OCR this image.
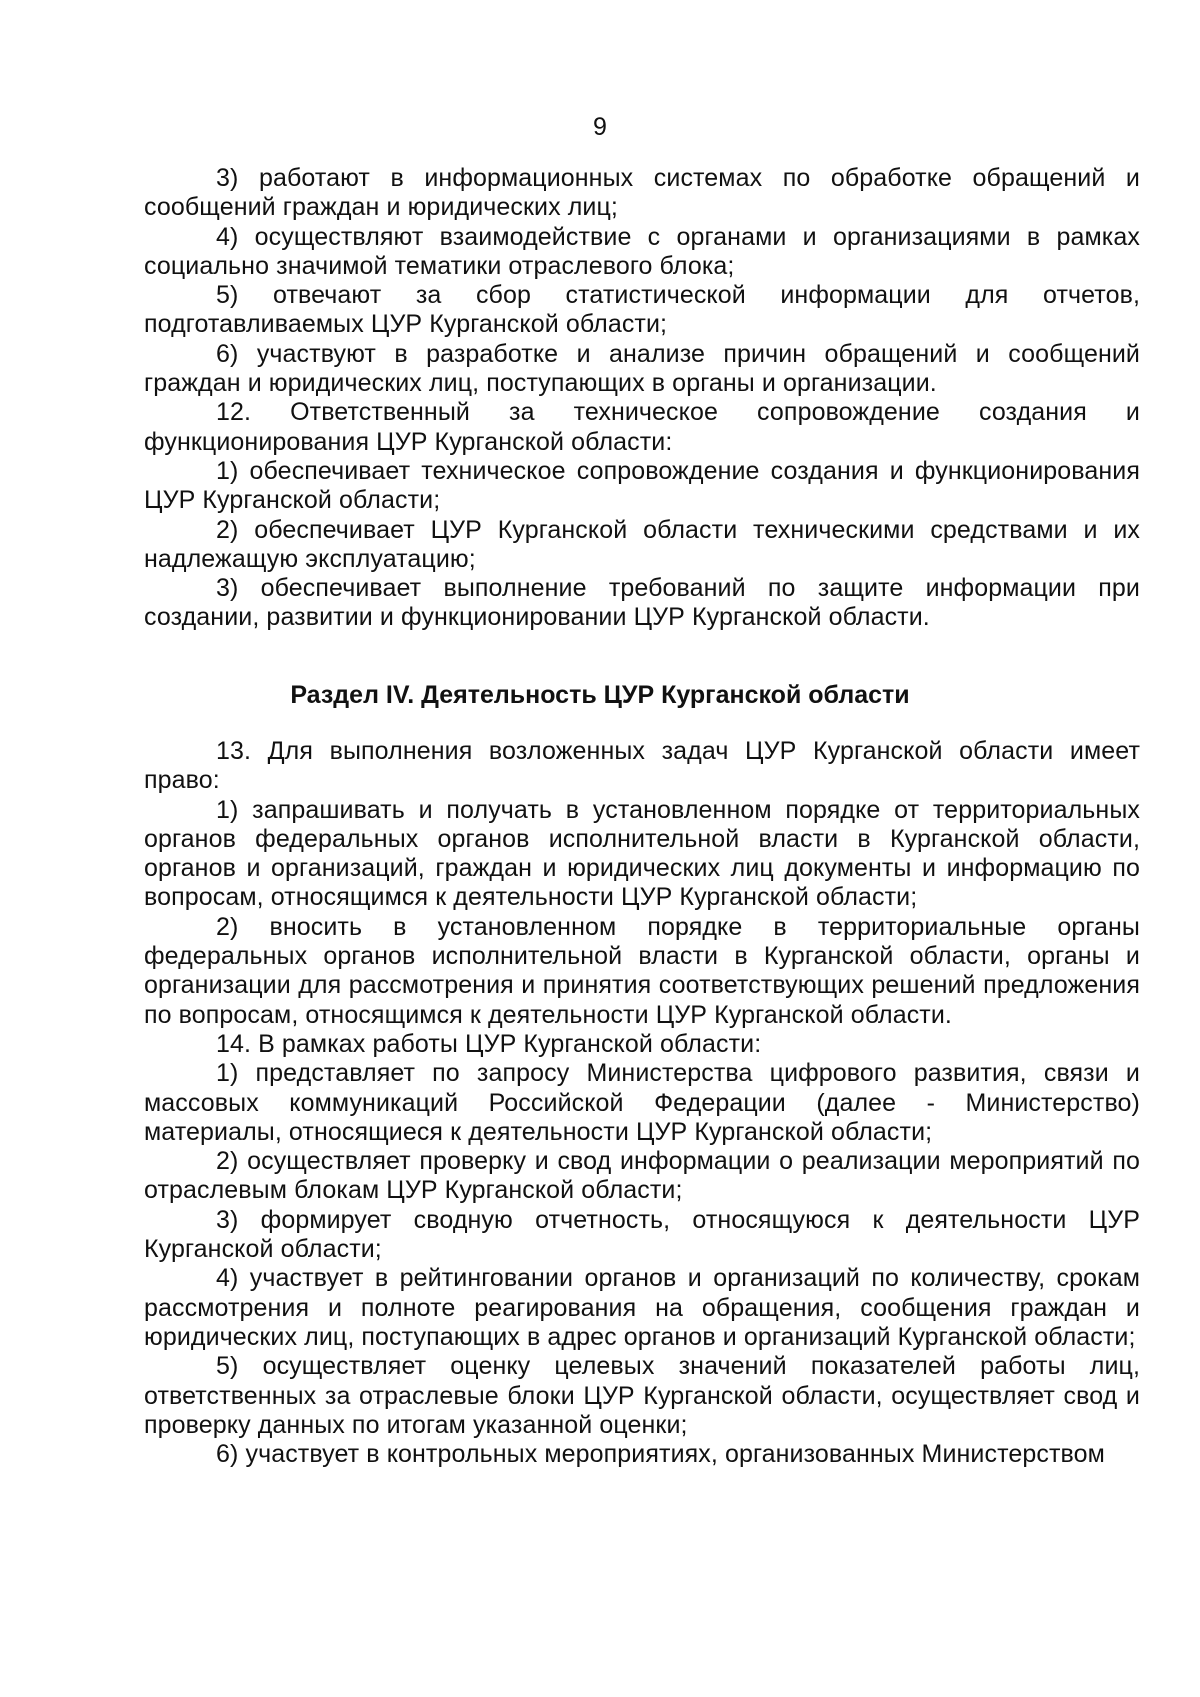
9

3) работают в информационных системах по обработке обращений и сообщений граждан и юридических лиц;

4) осуществляют взаимодействие с органами и организациями в рамках социально значимой тематики отраслевого блока;

5) отвечают за сбор статистической информации для отчетов, подготавливаемых ЦУР Курганской области;

6) участвуют в разработке и анализе причин обращений и сообщений граждан и юридических лиц, поступающих в органы и организации.

12. Ответственный за техническое сопровождение создания и функционирования ЦУР Курганской области:

1) обеспечивает техническое сопровождение создания и функционирования ЦУР Курганской области;

2) обеспечивает ЦУР Курганской области техническими средствами и их надлежащую эксплуатацию;

3) обеспечивает выполнение требований по защите информации при создании, развитии и функционировании ЦУР Курганской области.

Раздел IV. Деятельность ЦУР Курганской области

13. Для выполнения возложенных задач ЦУР Курганской области имеет право:

1) запрашивать и получать в установленном порядке от территориальных органов федеральных органов исполнительной власти в Курганской области, органов и организаций, граждан и юридических лиц документы и информацию по вопросам, относящимся к деятельности ЦУР Курганской области;

2) вносить в установленном порядке в территориальные органы федеральных органов исполнительной власти в Курганской области, органы и организации для рассмотрения и принятия соответствующих решений предложения по вопросам, относящимся к деятельности ЦУР Курганской области.

14. В рамках работы ЦУР Курганской области:

1) представляет по запросу Министерства цифрового развития, связи и массовых коммуникаций Российской Федерации (далее - Министерство) материалы, относящиеся к деятельности ЦУР Курганской области;

2) осуществляет проверку и свод информации о реализации мероприятий по отраслевым блокам ЦУР Курганской области;

3) формирует сводную отчетность, относящуюся к деятельности ЦУР Курганской области;

4) участвует в рейтинговании органов и организаций по количеству, срокам рассмотрения и полноте реагирования на обращения, сообщения граждан и юридических лиц, поступающих в адрес органов и организаций Курганской области;

5) осуществляет оценку целевых значений показателей работы лиц, ответственных за отраслевые блоки ЦУР Курганской области, осуществляет свод и проверку данных по итогам указанной оценки;

6) участвует в контрольных мероприятиях, организованных Министерством
